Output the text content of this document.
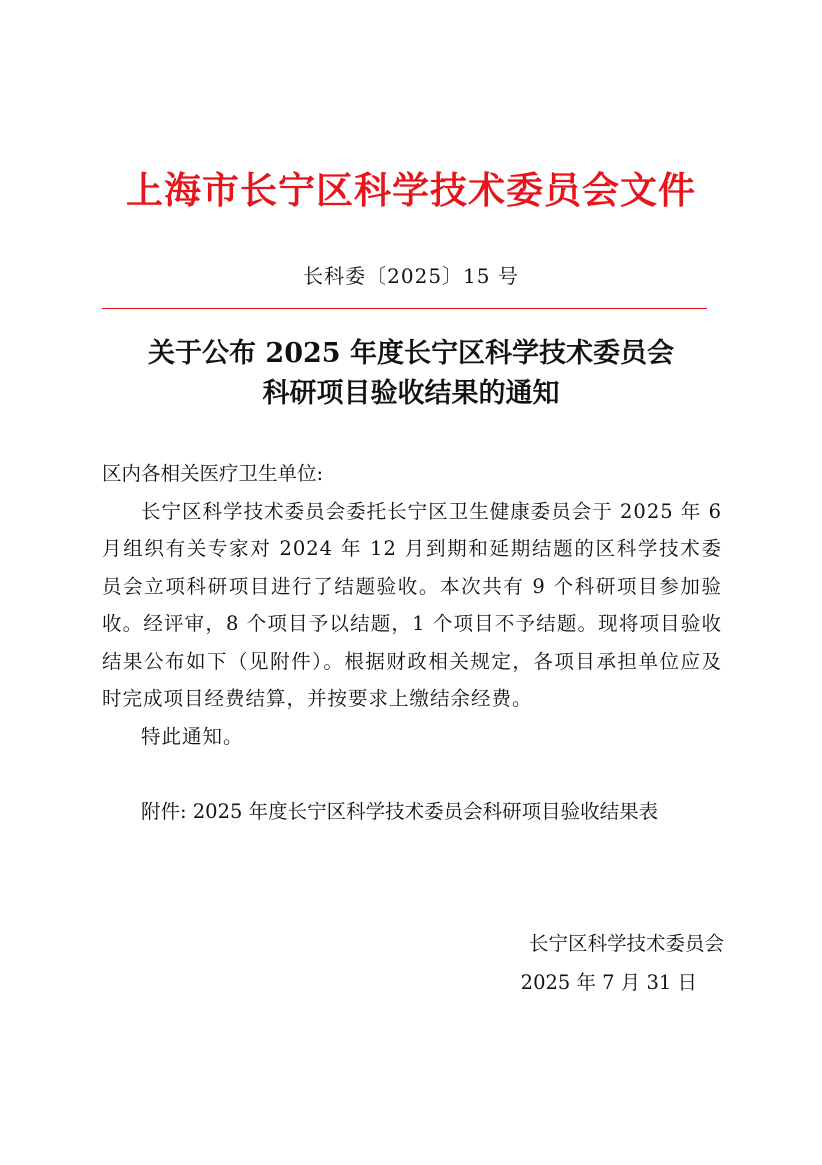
上海市长宁区科学技术委员会文件
长科委〔2025〕15 号
关于公布 2025 年度长宁区科学技术委员会
科研项目验收结果的通知

区内各相关医疗卫生单位:

长宁区科学技术委员会委托长宁区卫生健康委员会于 2025 年 6 月组织有关专家对 2024 年 12 月到期和延期结题的区科学技术委员会立项科研项目进行了结题验收。本次共有 9 个科研项目参加验收。经评审，8 个项目予以结题，1 个项目不予结题。现将项目验收结果公布如下（见附件）。根据财政相关规定，各项目承担单位应及时完成项目经费结算，并按要求上缴结余经费。

特此通知。

附件: 2025 年度长宁区科学技术委员会科研项目验收结果表

长宁区科学技术委员会
2025 年 7 月 31 日
